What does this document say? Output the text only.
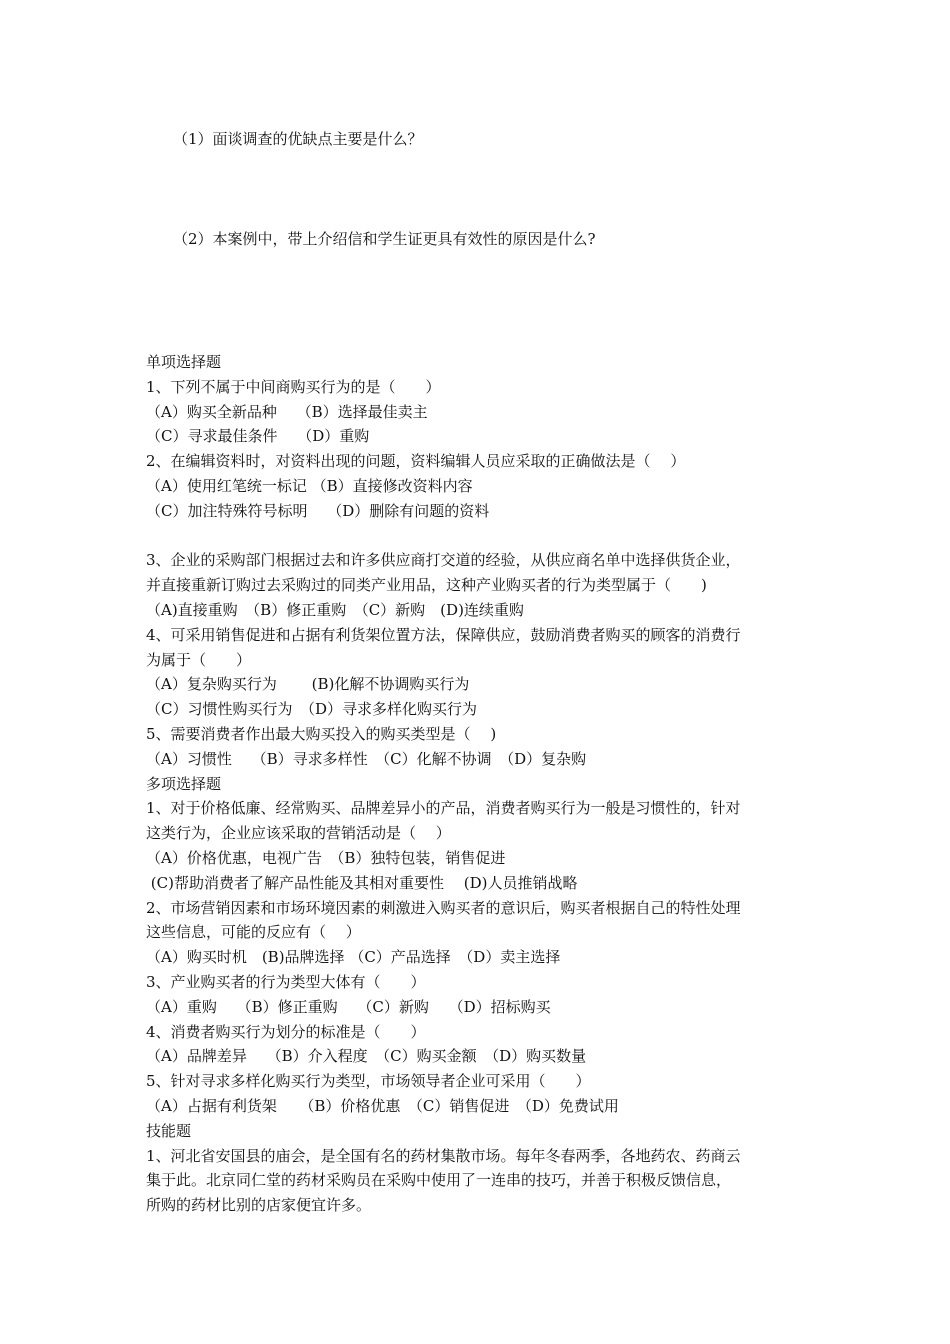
（1）面谈调查的优缺点主要是什么？
（2）本案例中，带上介绍信和学生证更具有效性的原因是什么?
单项选择题
1、下列不属于中间商购买行为的是（　　）
（A）购买全新品种　 （B）选择最佳卖主
（C）寻求最佳条件　 （D）重购
2、在编辑资料时，对资料出现的问题，资料编辑人员应采取的正确做法是（　 ）
（A）使用红笔统一标记 （B）直接修改资料内容
（C）加注特殊符号标明　 （D）删除有问题的资料
3、企业的采购部门根据过去和许多供应商打交道的经验，从供应商名单中选择供货企业，
并直接重新订购过去采购过的同类产业用品，这种产业购买者的行为类型属于（　　)
（A)直接重购　（B）修正重购　（C）新购　(D)连续重购
4、可采用销售促进和占据有利货架位置方法，保障供应，鼓励消费者购买的顾客的消费行
为属于（　　）
（A）复杂购买行为　　 (B)化解不协调购买行为
（C）习惯性购买行为　（D）寻求多样化购买行为
5、需要消费者作出最大购买投入的购买类型是（　 )
（A）习惯性　 （B）寻求多样性　（C）化解不协调　（D）复杂购
多项选择题
1、对于价格低廉、经常购买、品牌差异小的产品，消费者购买行为一般是习惯性的，针对
这类行为，企业应该采取的营销活动是（　 ）
（A）价格优惠，电视广告　（B）独特包装，销售促进
(C)帮助消费者了解产品性能及其相对重要性　 (D)人员推销战略
2、市场营销因素和市场环境因素的刺激进入购买者的意识后，购买者根据自己的特性处理
这些信息，可能的反应有（　 ）
（A）购买时机　(B)品牌选择 （C）产品选择　（D）卖主选择
3、产业购买者的行为类型大体有（　　）
（A）重购　 （B）修正重购　 （C）新购　 （D）招标购买
4、消费者购买行为划分的标准是（　　）
（A）品牌差异　 （B）介入程度　（C）购买金额　（D）购买数量
5、针对寻求多样化购买行为类型，市场领导者企业可采用（　　）
（A）占据有利货架　　（B）价格优惠　（C）销售促进　（D）免费试用
技能题
1、河北省安国县的庙会，是全国有名的药材集散市场。每年冬春两季，各地药农、药商云
集于此。北京同仁堂的药材采购员在采购中使用了一连串的技巧，并善于积极反馈信息，
所购的药材比别的店家便宜许多。
